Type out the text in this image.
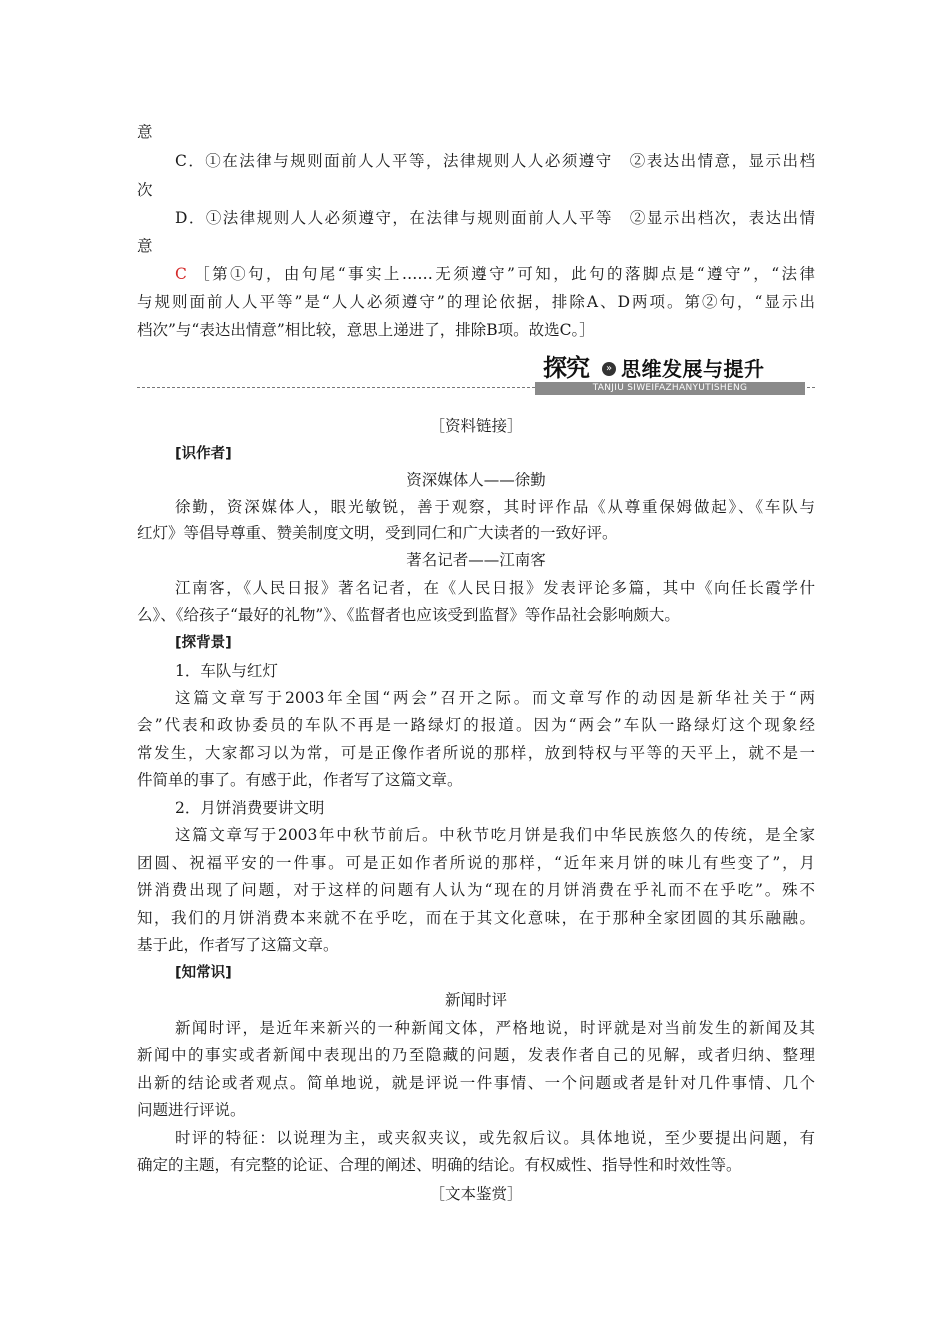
意
C．①在法律与规则面前人人平等，法律规则人人必须遵守　②表达出情意，显示出档
次
D．①法律规则人人必须遵守，在法律与规则面前人人平等　②显示出档次，表达出情
意
C ［第①句，由句尾“事实上……无须遵守”可知，此句的落脚点是“遵守”，“法律
与规则面前人人平等”是“人人必须遵守”的理论依据，排除A、D两项。第②句，“显示出
档次”与“表达出情意”相比较，意思上递进了，排除B项。故选C。］
探究	» 思维发展与提升
TANJIU SIWEIFAZHANYUTISHENG
［资料链接］
[识作者]
资深媒体人——徐勤
徐勤，资深媒体人，眼光敏锐，善于观察，其时评作品《从尊重保姆做起》、《车队与
红灯》等倡导尊重、赞美制度文明，受到同仁和广大读者的一致好评。
著名记者——江南客
江南客，《人民日报》著名记者，在《人民日报》发表评论多篇，其中《向任长霞学什
么》、《给孩子“最好的礼物”》、《监督者也应该受到监督》等作品社会影响颇大。
[探背景]
1．车队与红灯
这篇文章写于2003年全国“两会”召开之际。而文章写作的动因是新华社关于“两
会”代表和政协委员的车队不再是一路绿灯的报道。因为“两会”车队一路绿灯这个现象经
常发生，大家都习以为常，可是正像作者所说的那样，放到特权与平等的天平上，就不是一
件简单的事了。有感于此，作者写了这篇文章。
2．月饼消费要讲文明
这篇文章写于2003年中秋节前后。中秋节吃月饼是我们中华民族悠久的传统，是全家
团圆、祝福平安的一件事。可是正如作者所说的那样，“近年来月饼的味儿有些变了”，月
饼消费出现了问题，对于这样的问题有人认为“现在的月饼消费在乎礼而不在乎吃”。殊不
知，我们的月饼消费本来就不在乎吃，而在于其文化意味，在于那种全家团圆的其乐融融。
基于此，作者写了这篇文章。
[知常识]
新闻时评
新闻时评，是近年来新兴的一种新闻文体，严格地说，时评就是对当前发生的新闻及其
新闻中的事实或者新闻中表现出的乃至隐藏的问题，发表作者自己的见解，或者归纳、整理
出新的结论或者观点。简单地说，就是评说一件事情、一个问题或者是针对几件事情、几个
问题进行评说。
时评的特征：以说理为主，或夹叙夹议，或先叙后议。具体地说，至少要提出问题，有
确定的主题，有完整的论证、合理的阐述、明确的结论。有权威性、指导性和时效性等。
［文本鉴赏］
